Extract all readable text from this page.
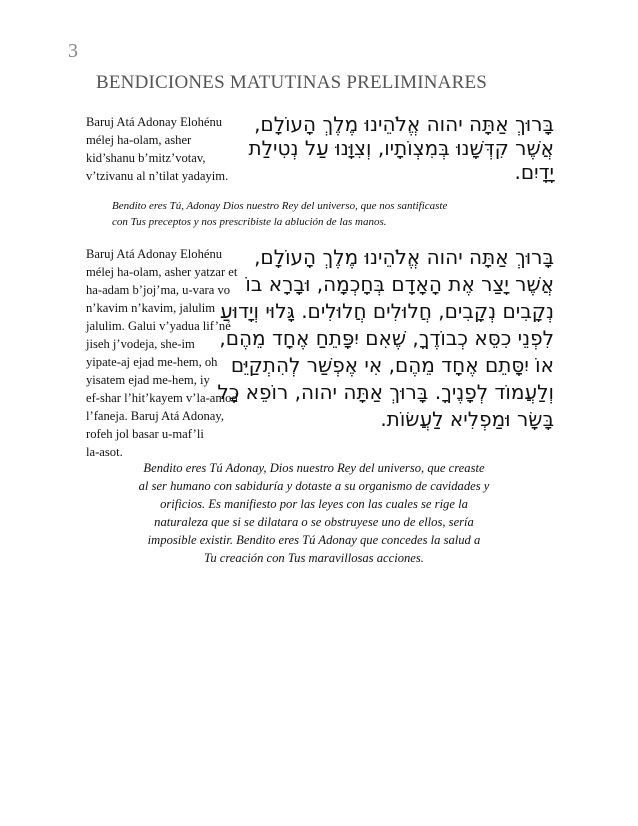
3
BENDICIONES MATUTINAS PRELIMINARES
Baruj Atá Adonay Elohénu
mélej ha-olam, asher
kid’shanu b’mitz’votav,
v’tzivanu al n’tilat yadayim.
בָּרוּךְ אַתָּה יהוה אֱלֹהֵינוּ מֶלֶךְ הָעוֹלָם,
אֲשֶׁר קִדְּשָׁנוּ בְּמִצְוֹתָיו, וְצִוָּנוּ עַל נְטִילַת
יָדָיִם.
Bendito eres Tú, Adonay Dios nuestro Rey del universo, que nos santificaste
con Tus preceptos y nos prescribiste la ablución de las manos.
Baruj Atá Adonay Elohénu
mélej ha-olam, asher yatzar et
ha-adam b’joj’ma, u-vara vo
n’kavim n’kavim, jalulim
jalulim. Galui v’yadua lif’né
jiseh j’vodeja, she-im
yipate-aj ejad me-hem, oh
yisatem ejad me-hem, iy
ef-shar l’hit’kayem v’la-amod
l’faneja. Baruj Atá Adonay,
rofeh jol basar u-maf’li
la-asot.
בָּרוּךְ אַתָּה יהוה אֱלֹהֵינוּ מֶלֶךְ הָעוֹלָם,
אֲשֶׁר יָצַר אֶת הָאָדָם בְּחָכְמָה, וּבָרָא בוֹ
נְקָבִים נְקָבִים, חֲלוּלִים חֲלוּלִים. גָּלוּי וְיָדוּעַ
לִפְנֵי כִסֵּא כְבוֹדֶךָ, שֶׁאִם יִפָּתֵחַ אֶחָד מֵהֶם,
אוֹ יִסָּתֵם אֶחָד מֵהֶם, אִי אֶפְשַׁר לְהִתְקַיֵּם
וְלַעֲמוֹד לְפָנֶיךָ. בָּרוּךְ אַתָּה יהוה, רוֹפֵא כָל
בָּשָׂר וּמַפְלִיא לַעֲשׂוֹת.
Bendito eres Tú Adonay, Dios nuestro Rey del universo, que creaste
al ser humano con sabiduría y dotaste a su organismo de cavidades y
orificios. Es manifiesto por las leyes con las cuales se rige la
naturaleza que si se dilatara o se obstruyese uno de ellos, sería
imposible existir. Bendito eres Tú Adonay que concedes la salud a
Tu creación con Tus maravillosas acciones.
